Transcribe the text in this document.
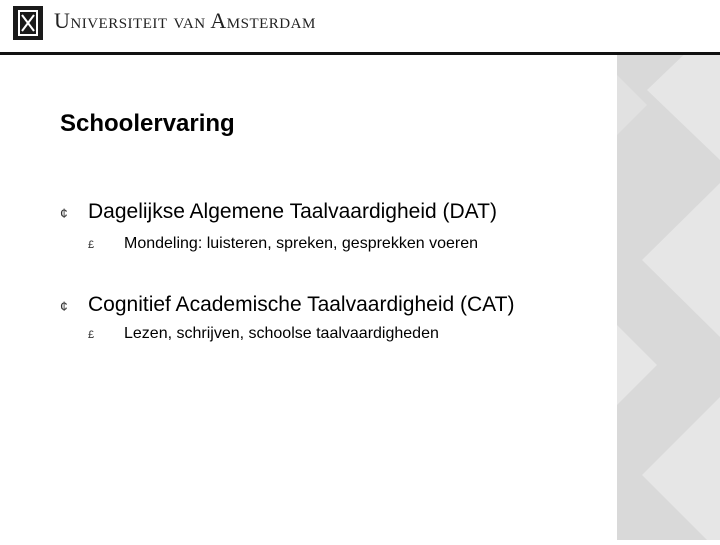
Universiteit van Amsterdam
Schoolervaring
¢ Dagelijkse Algemene Taalvaardigheid (DAT)
£ Mondeling: luisteren, spreken, gesprekken voeren
¢ Cognitief Academische Taalvaardigheid (CAT)
£ Lezen, schrijven, schoolse taalvaardigheden
